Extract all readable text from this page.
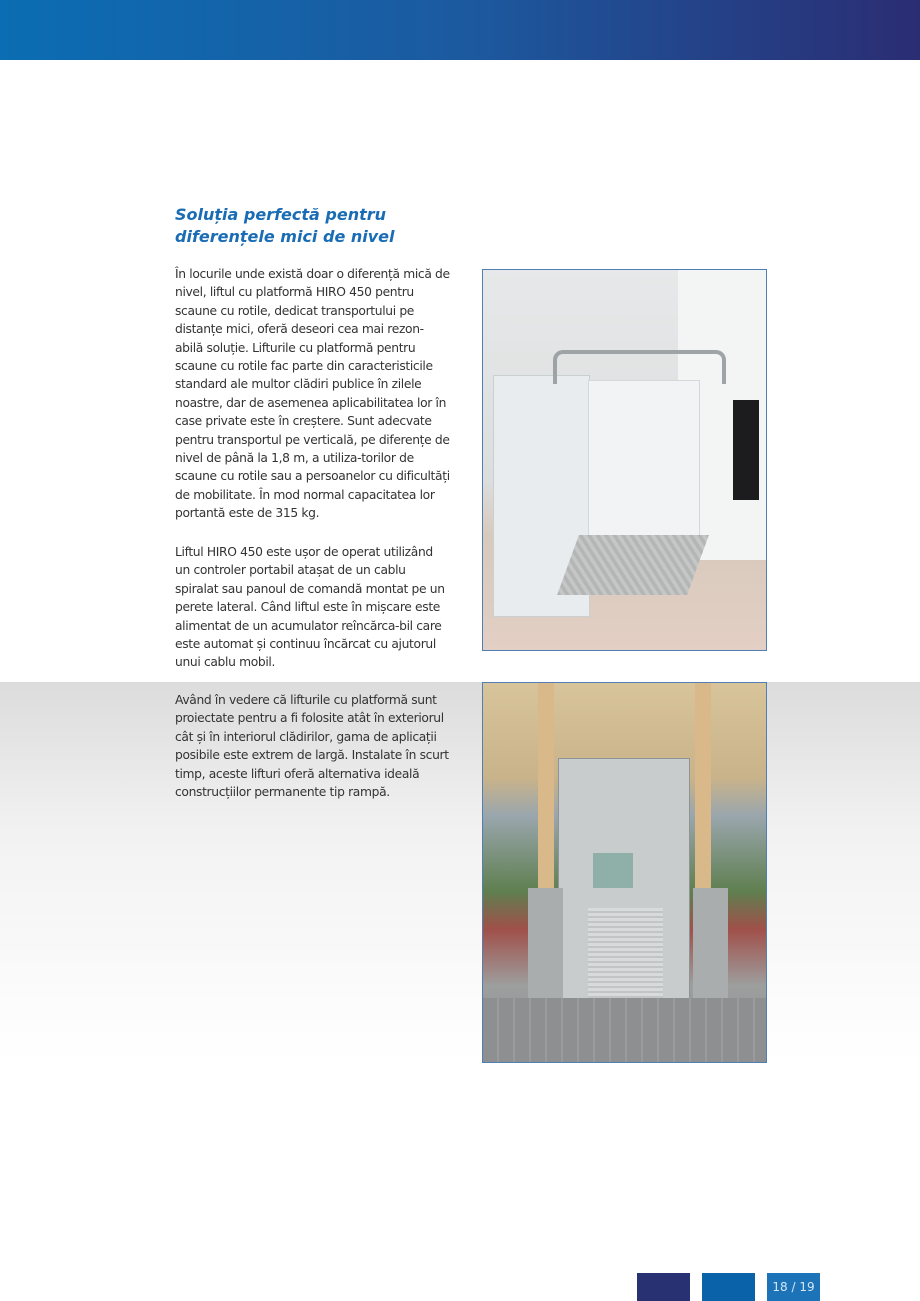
Soluția perfectă pentru
diferențele mici de nivel

În locurile unde există doar o diferență mică de nivel, liftul cu platformă HIRO 450 pentru scaune cu rotile, dedicat transportului pe distanțe mici, oferă deseori cea mai rezon-abilă soluție. Lifturile cu platformă pentru scaune cu rotile fac parte din caracteristicile standard ale multor clădiri publice în zilele noastre, dar de asemenea aplicabilitatea lor în case private este în creștere. Sunt adecvate pentru transportul pe verticală, pe diferențe de nivel de până la 1,8 m, a utiliza-torilor de scaune cu rotile sau a persoanelor cu dificultăți de mobilitate. În mod normal capacitatea lor portantă este de 315 kg.

Liftul HIRO 450 este ușor de operat utilizând un controler portabil atașat de un cablu spiralat sau panoul de comandă montat pe un perete lateral. Când liftul este în mișcare este alimentat de un acumulator reîncărca-bil care este automat și continuu încărcat cu ajutorul unui cablu mobil.

Având în vedere că lifturile cu platformă sunt proiectate pentru a fi folosite atât în exteriorul cât și în interiorul clădirilor, gama de aplicații posibile este extrem de largă. Instalate în scurt timp, aceste lifturi oferă alternativa ideală construcțiilor permanente tip rampă.

18 / 19
